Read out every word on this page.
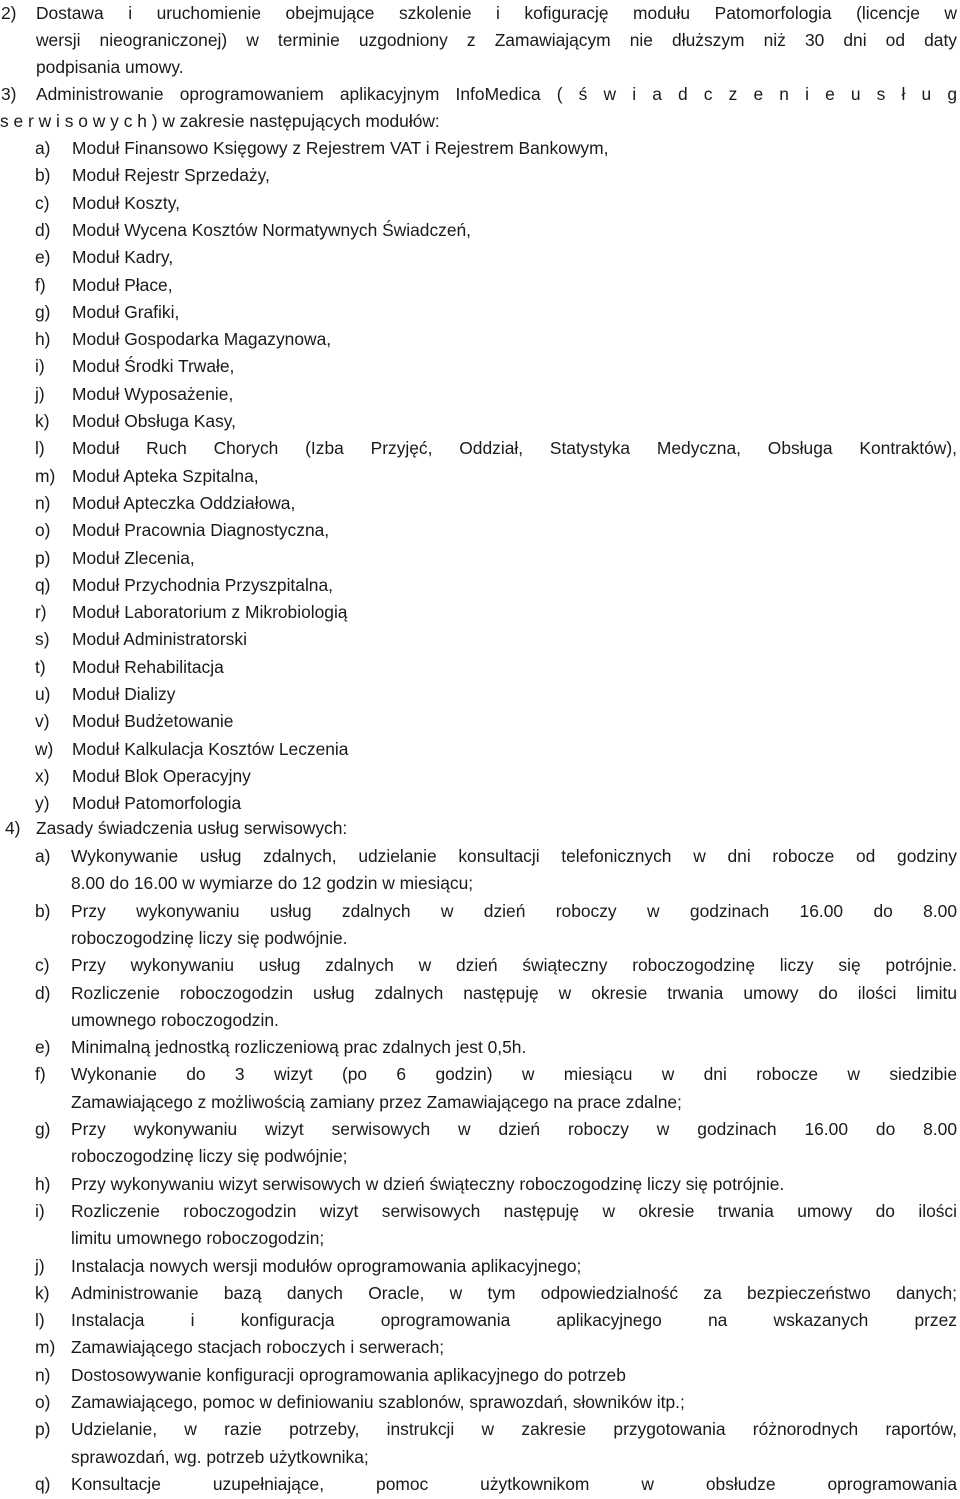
2) Dostawa i uruchomienie obejmujące szkolenie i kofigurację modułu Patomorfologia (licencje w
wersji nieograniczonej) w terminie uzgodniony z Zamawiającym nie dłuższym niż 30 dni od daty
podpisania umowy.
3) Administrowanie oprogramowaniem aplikacyjnym InfoMedica ( ś w i a d c z e n i e u s ł u g
s e r w i s o w y c h ) w zakresie następujących modułów:
a) Moduł Finansowo Księgowy z Rejestrem VAT i Rejestrem Bankowym,
b) Moduł Rejestr Sprzedaży,
c) Moduł Koszty,
d) Moduł Wycena Kosztów Normatywnych Świadczeń,
e) Moduł Kadry,
f) Moduł Płace,
g) Moduł Grafiki,
h) Moduł Gospodarka Magazynowa,
i) Moduł Środki Trwałe,
j) Moduł Wyposażenie,
k) Moduł Obsługa Kasy,
l) Moduł Ruch Chorych (Izba Przyjęć, Oddział, Statystyka Medyczna, Obsługa Kontraktów),
m) Moduł Apteka Szpitalna,
n) Moduł Apteczka Oddziałowa,
o) Moduł Pracownia Diagnostyczna,
p) Moduł Zlecenia,
q) Moduł Przychodnia Przyszpitalna,
r) Moduł Laboratorium z Mikrobiologią
s) Moduł Administratorski
t) Moduł Rehabilitacja
u) Moduł Dializy
v) Moduł Budżetowanie
w) Moduł Kalkulacja Kosztów Leczenia
x) Moduł Blok Operacyjny
y) Moduł Patomorfologia
4) Zasady świadczenia usług serwisowych:
a) Wykonywanie usług zdalnych, udzielanie konsultacji telefonicznych w dni robocze od godziny
8.00 do 16.00 w wymiarze do 12 godzin w miesiącu;
b) Przy wykonywaniu usług zdalnych w dzień roboczy w godzinach 16.00 do 8.00
roboczogodzinę liczy się podwójnie.
c) Przy wykonywaniu usług zdalnych w dzień świąteczny roboczogodzinę liczy się potrójnie.
d) Rozliczenie roboczogodzin usług zdalnych następuję w okresie trwania umowy do ilości limitu
umownego roboczogodzin.
e) Minimalną jednostką rozliczeniową prac zdalnych jest 0,5h.
f) Wykonanie do 3 wizyt (po 6 godzin) w miesiącu w dni robocze w siedzibie
Zamawiającego z możliwością zamiany przez Zamawiającego na prace zdalne;
g) Przy wykonywaniu wizyt serwisowych w dzień roboczy w godzinach 16.00 do 8.00
roboczogodzinę liczy się podwójnie;
h) Przy wykonywaniu wizyt serwisowych w dzień świąteczny roboczogodzinę liczy się potrójnie.
i) Rozliczenie roboczogodzin wizyt serwisowych następuję w okresie trwania umowy do ilości
limitu umownego roboczogodzin;
j) Instalacja nowych wersji modułów oprogramowania aplikacyjnego;
k) Administrowanie bazą danych Oracle, w tym odpowiedzialność za bezpieczeństwo danych;
l) Instalacja i konfiguracja oprogramowania aplikacyjnego na wskazanych przez
m) Zamawiającego stacjach roboczych i serwerach;
n) Dostosowywanie konfiguracji oprogramowania aplikacyjnego do potrzeb
o) Zamawiającego, pomoc w definiowaniu szablonów, sprawozdań, słowników itp.;
p) Udzielanie, w razie potrzeby, instrukcji w zakresie przygotowania różnorodnych raportów,
sprawozdań, wg. potrzeb użytkownika;
q) Konsultacje uzupełniające, pomoc użytkownikom w obsłudze oprogramowania
